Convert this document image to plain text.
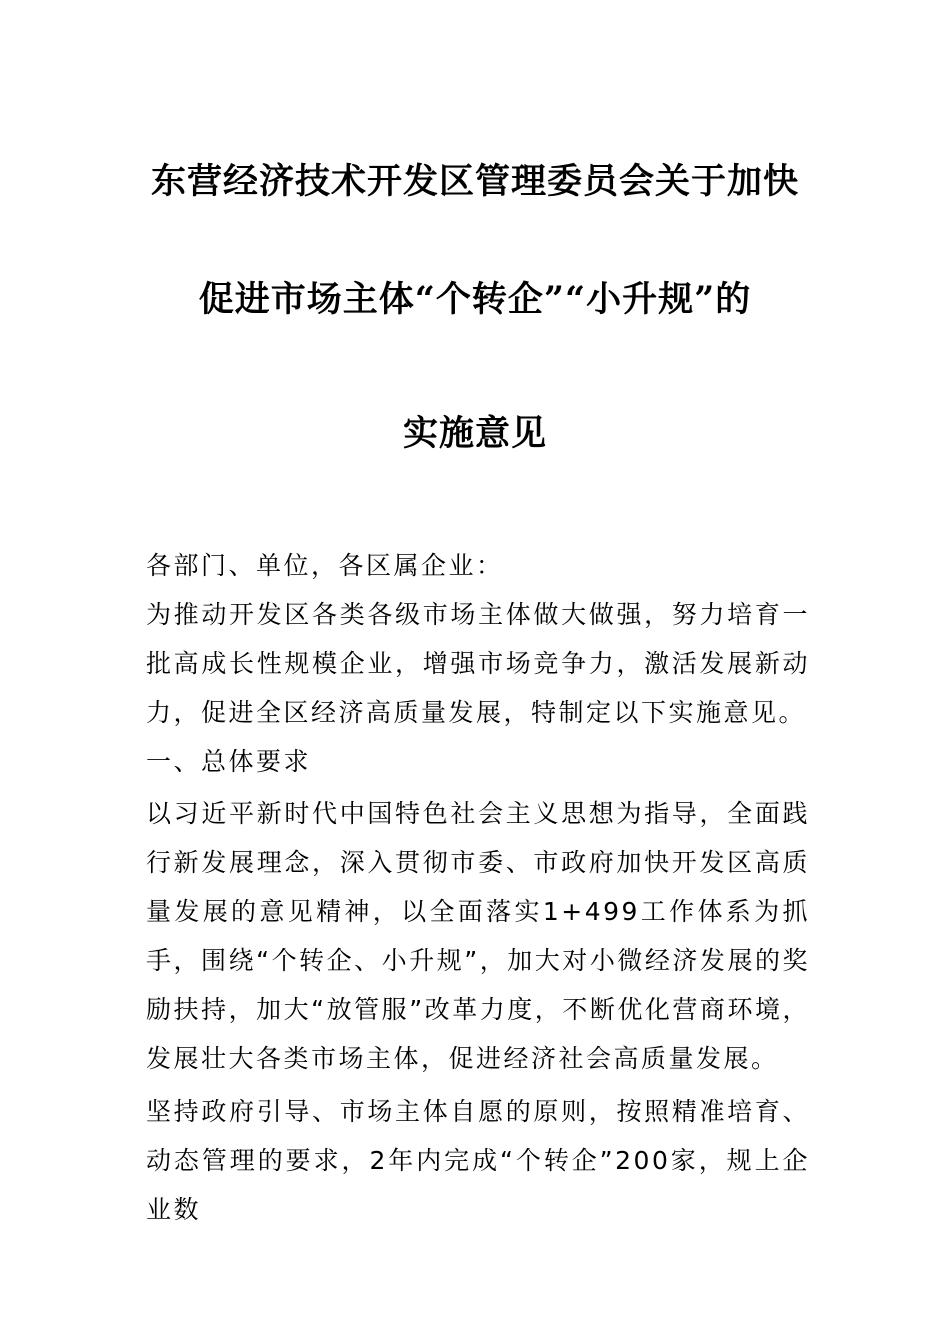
东营经济技术开发区管理委员会关于加快
促进市场主体“个转企”“小升规”的
实施意见

各部门、单位，各区属企业：

为推动开发区各类各级市场主体做大做强，努力培育一批高成长性规模企业，增强市场竞争力，激活发展新动力，促进全区经济高质量发展，特制定以下实施意见。

一、总体要求

以习近平新时代中国特色社会主义思想为指导，全面践行新发展理念，深入贯彻市委、市政府加快开发区高质量发展的意见精神，以全面落实1+499工作体系为抓手，围绕“个转企、小升规”，加大对小微经济发展的奖励扶持，加大“放管服”改革力度，不断优化营商环境，发展壮大各类市场主体，促进经济社会高质量发展。

坚持政府引导、市场主体自愿的原则，按照精准培育、动态管理的要求，2年内完成“个转企”200家，规上企业数
